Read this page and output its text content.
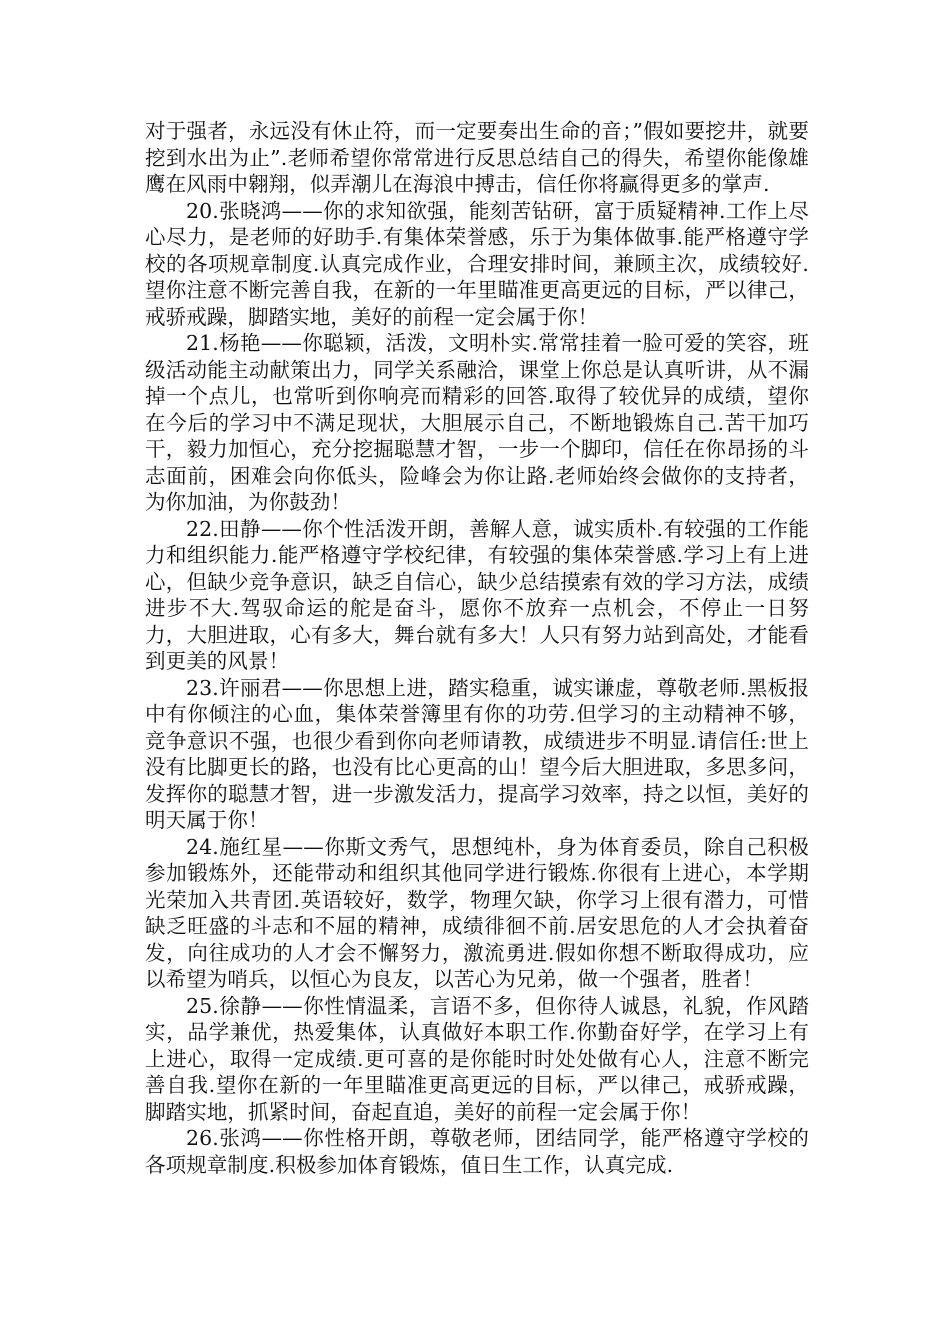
对于强者，永远没有休止符，而一定要奏出生命的音；”假如要挖井，就要挖到水出为止”.老师希望你常常进行反思总结自己的得失，希望你能像雄鹰在风雨中翱翔，似弄潮儿在海浪中搏击，信任你将赢得更多的掌声.

20.张晓鸿——你的求知欲强，能刻苦钻研，富于质疑精神.工作上尽心尽力，是老师的好助手.有集体荣誉感，乐于为集体做事.能严格遵守学校的各项规章制度.认真完成作业，合理安排时间，兼顾主次，成绩较好.望你注意不断完善自我，在新的一年里瞄准更高更远的目标，严以律己，戒骄戒躁，脚踏实地，美好的前程一定会属于你！

21.杨艳——你聪颖，活泼，文明朴实.常常挂着一脸可爱的笑容，班级活动能主动献策出力，同学关系融洽，课堂上你总是认真听讲，从不漏掉一个点儿，也常听到你响亮而精彩的回答.取得了较优异的成绩，望你在今后的学习中不满足现状，大胆展示自己，不断地锻炼自己.苦干加巧干，毅力加恒心，充分挖掘聪慧才智，一步一个脚印，信任在你昂扬的斗志面前，困难会向你低头，险峰会为你让路.老师始终会做你的支持者，为你加油，为你鼓劲！

22.田静——你个性活泼开朗，善解人意，诚实质朴.有较强的工作能力和组织能力.能严格遵守学校纪律，有较强的集体荣誉感.学习上有上进心，但缺少竞争意识，缺乏自信心，缺少总结摸索有效的学习方法，成绩进步不大.驾驭命运的舵是奋斗，愿你不放弃一点机会，不停止一日努力，大胆进取，心有多大，舞台就有多大！人只有努力站到高处，才能看到更美的风景！

23.许丽君——你思想上进，踏实稳重，诚实谦虚，尊敬老师.黑板报中有你倾注的心血，集体荣誉簿里有你的功劳.但学习的主动精神不够，竞争意识不强，也很少看到你向老师请教，成绩进步不明显.请信任:世上没有比脚更长的路，也没有比心更高的山！望今后大胆进取，多思多问，发挥你的聪慧才智，进一步激发活力，提高学习效率，持之以恒，美好的明天属于你！

24.施红星——你斯文秀气，思想纯朴，身为体育委员，除自己积极参加锻炼外，还能带动和组织其他同学进行锻炼.你很有上进心，本学期光荣加入共青团.英语较好，数学，物理欠缺，你学习上很有潜力，可惜缺乏旺盛的斗志和不屈的精神，成绩徘徊不前.居安思危的人才会执着奋发，向往成功的人才会不懈努力，激流勇进.假如你想不断取得成功，应以希望为哨兵，以恒心为良友，以苦心为兄弟，做一个强者，胜者！

25.徐静——你性情温柔，言语不多，但你待人诚恳，礼貌，作风踏实，品学兼优，热爱集体，认真做好本职工作.你勤奋好学，在学习上有上进心，取得一定成绩.更可喜的是你能时时处处做有心人，注意不断完善自我.望你在新的一年里瞄准更高更远的目标，严以律己，戒骄戒躁，脚踏实地，抓紧时间，奋起直追，美好的前程一定会属于你！

26.张鸿——你性格开朗，尊敬老师，团结同学，能严格遵守学校的各项规章制度.积极参加体育锻炼，值日生工作，认真完成.
